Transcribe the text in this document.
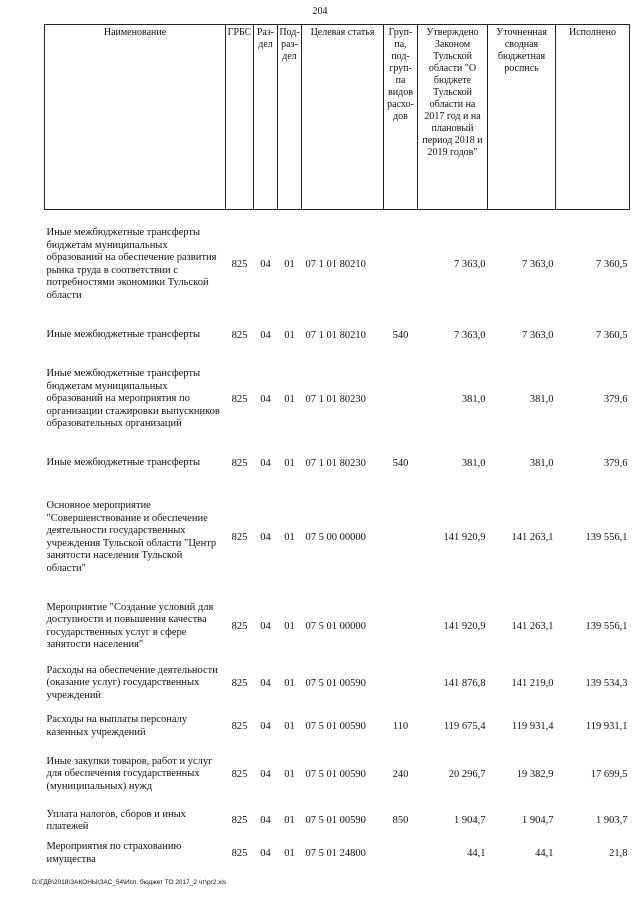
204
Наименование	ГРБС	Раз-дел	Под-раз-дел	Целевая статья	Груп-па, под-груп-па видов расхо-дов	Утверждено Законом Тульской области "О бюджете Тульской области на 2017 год и на плановый период 2018 и 2019 годов"	Уточненная сводная бюджетная роспись	Исполнено
Иные межбюджетные трансферты бюджетам муниципальных образований на обеспечение развития рынка труда в соответствии с потребностями экономики Тульской области	825	04	01	07 1 01 80210		7 363,0	7 363,0	7 360,5
Иные межбюджетные трансферты	825	04	01	07 1 01 80210	540	7 363,0	7 363,0	7 360,5
Иные межбюджетные трансферты бюджетам муниципальных образований на мероприятия по организации стажировки выпускников образовательных организаций	825	04	01	07 1 01 80230		381,0	381,0	379,6
Иные межбюджетные трансферты	825	04	01	07 1 01 80230	540	381,0	381,0	379,6
Основное мероприятие "Совершенствование и обеспечение деятельности государственных учреждения Тульской области "Центр занятости населения Тульской области"	825	04	01	07 5 00 00000		141 920,9	141 263,1	139 556,1
Мероприятие "Создание условий для доступности и повышения качества государственных услуг в сфере занятости населения"	825	04	01	07 5 01 00000		141 920,9	141 263,1	139 556,1
Расходы на обеспечение деятельности (оказание услуг) государственных учреждений	825	04	01	07 5 01 00590		141 876,8	141 219,0	139 534,3
Расходы на выплаты персоналу казенных учреждений	825	04	01	07 5 01 00590	110	119 675,4	119 931,4	119 931,1
Иные закупки товаров, работ и услуг для обеспечения государственных (муниципальных) нужд	825	04	01	07 5 01 00590	240	20 296,7	19 382,9	17 699,5
Уплата налогов, сборов и иных платежей	825	04	01	07 5 01 00590	850	1 904,7	1 904,7	1 903,7
Мероприятия по страхованию имущества	825	04	01	07 5 01 24800		44,1	44,1	21,8
D:\ГДВ\2018\ЗАКОНЫ\ЗАС_54\Исп. бюджет ТО 2017_2 чт\pr2.xls
